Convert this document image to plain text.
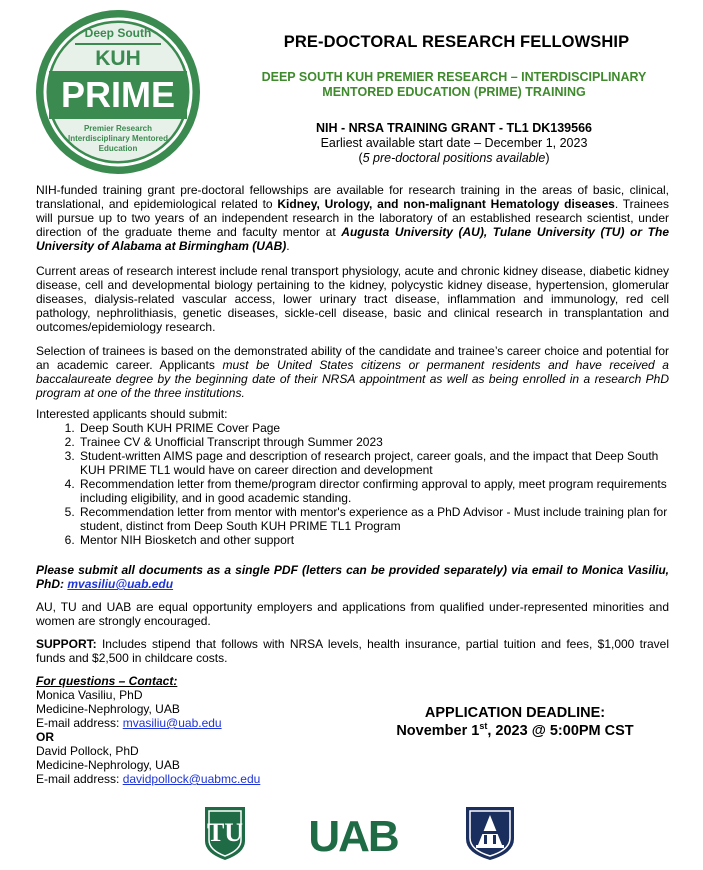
Deep South
KUH
PRIME
Premier Research
Interdisciplinary Mentored
Education
PRE-DOCTORAL RESEARCH FELLOWSHIP
DEEP SOUTH KUH PREMIER RESEARCH – INTERDISCIPLINARY
MENTORED EDUCATION (PRIME) TRAINING
NIH - NRSA TRAINING GRANT - TL1 DK139566
Earliest available start date – December 1, 2023
(5 pre-doctoral positions available)

NIH-funded training grant pre-doctoral fellowships are available for research training in the areas of basic, clinical, translational, and epidemiological related to Kidney, Urology, and non-malignant Hematology diseases. Trainees will pursue up to two years of an independent research in the laboratory of an established research scientist, under direction of the graduate theme and faculty mentor at Augusta University (AU), Tulane University (TU) or The University of Alabama at Birmingham (UAB).

Current areas of research interest include renal transport physiology, acute and chronic kidney disease, diabetic kidney disease, cell and developmental biology pertaining to the kidney, polycystic kidney disease, hypertension, glomerular diseases, dialysis-related vascular access, lower urinary tract disease, inflammation and immunology, red cell pathology, nephrolithiasis, genetic diseases, sickle-cell disease, basic and clinical research in transplantation and outcomes/epidemiology research.

Selection of trainees is based on the demonstrated ability of the candidate and trainee’s career choice and potential for an academic career. Applicants must be United States citizens or permanent residents and have received a baccalaureate degree by the beginning date of their NRSA appointment as well as being enrolled in a research PhD program at one of the three institutions.

Interested applicants should submit:

1. Deep South KUH PRIME Cover Page
2. Trainee CV & Unofficial Transcript through Summer 2023
3. Student-written AIMS page and description of research project, career goals, and the impact that Deep South KUH PRIME TL1 would have on career direction and development
4. Recommendation letter from theme/program director confirming approval to apply, meet program requirements including eligibility, and in good academic standing.
5. Recommendation letter from mentor with mentor's experience as a PhD Advisor - Must include training plan for student, distinct from Deep South KUH PRIME TL1 Program
6. Mentor NIH Biosketch and other support

Please submit all documents as a single PDF (letters can be provided separately) via email to Monica Vasiliu, PhD: mvasiliu@uab.edu

AU, TU and UAB are equal opportunity employers and applications from qualified under-represented minorities and women are strongly encouraged.

SUPPORT: Includes stipend that follows with NRSA levels, health insurance, partial tuition and fees, $1,000 travel funds and $2,500 in childcare costs.

For questions – Contact:
Monica Vasiliu, PhD
Medicine-Nephrology, UAB
E-mail address: mvasiliu@uab.edu
OR
David Pollock, PhD
Medicine-Nephrology, UAB
E-mail address: davidpollock@uabmc.edu
APPLICATION DEADLINE:
November 1st, 2023 @ 5:00PM CST
TU UAB
